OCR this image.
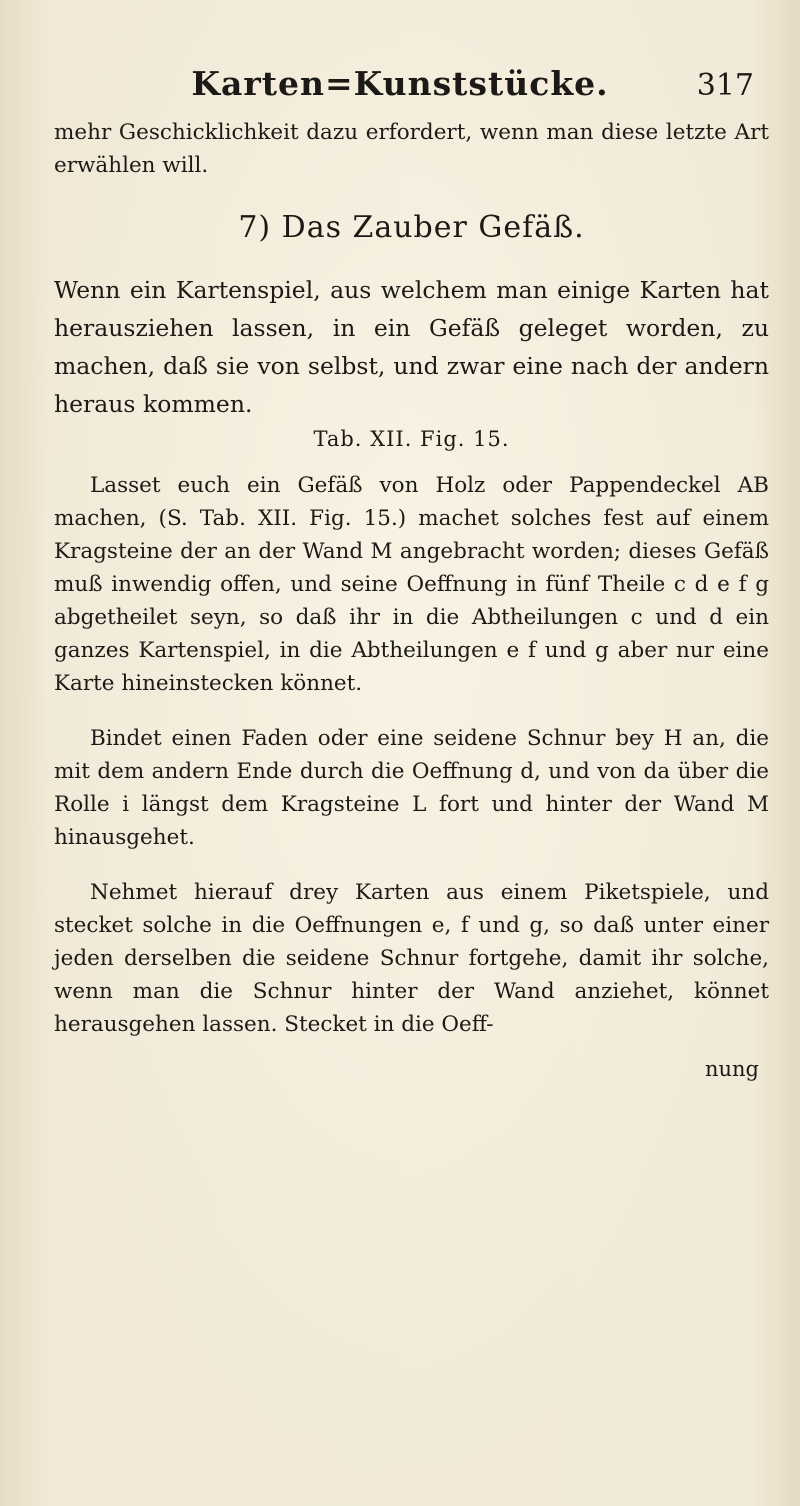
Karten=Kunststücke.	317

mehr Geschicklichkeit dazu erfordert, wenn man diese letzte Art erwählen will.

7) Das Zauber Gefäß.

Wenn ein Kartenspiel, aus welchem man einige Karten hat herausziehen lassen, in ein Gefäß geleget worden, zu machen, daß sie von selbst, und zwar eine nach der andern heraus kommen.

Tab. XII. Fig. 15.

Lasset euch ein Gefäß von Holz oder Pappendeckel AB machen, (S. Tab. XII. Fig. 15.) machet solches fest auf einem Kragsteine der an der Wand M angebracht worden; dieses Gefäß muß inwendig offen, und seine Oeffnung in fünf Theile c d e f g abgetheilet seyn, so daß ihr in die Abtheilungen c und d ein ganzes Kartenspiel, in die Abtheilungen e f und g aber nur eine Karte hineinstecken könnet.

Bindet einen Faden oder eine seidene Schnur bey H an, die mit dem andern Ende durch die Oeffnung d, und von da über die Rolle i längst dem Kragsteine L fort und hinter der Wand M hinausgehet.

Nehmet hierauf drey Karten aus einem Piketspiele, und stecket solche in die Oeffnungen e, f und g, so daß unter einer jeden derselben die seidene Schnur fortgehe, damit ihr solche, wenn man die Schnur hinter der Wand anziehet, könnet herausgehen lassen. Stecket in die Oeff-

nung
